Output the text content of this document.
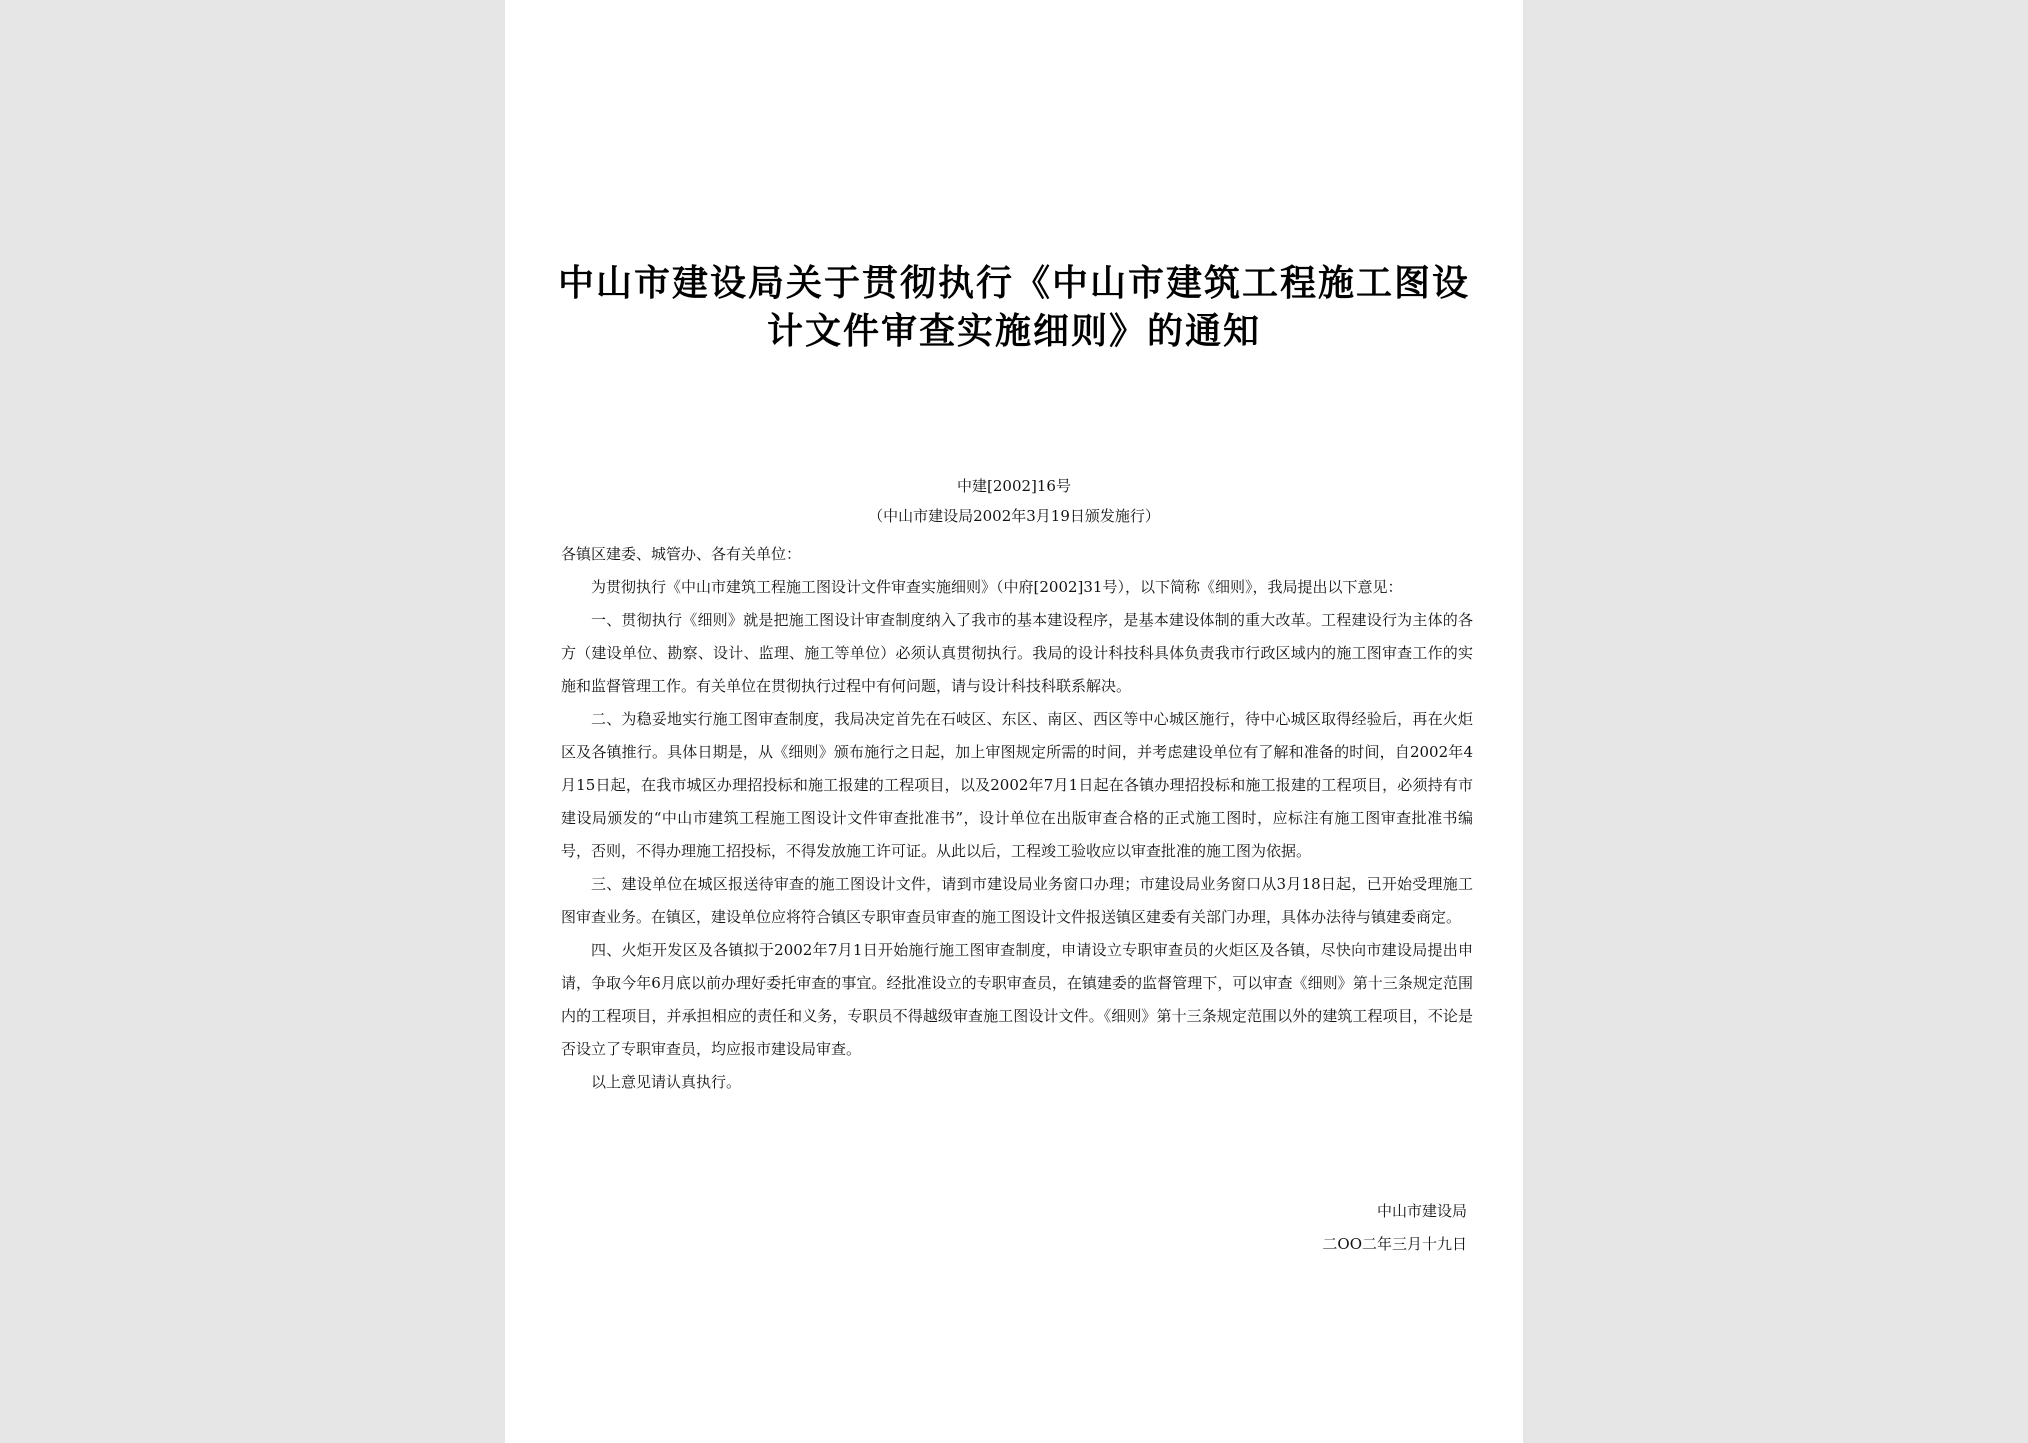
中山市建设局关于贯彻执行《中山市建筑工程施工图设
计文件审查实施细则》的通知
中建[2002]16号
（中山市建设局2002年3月19日颁发施行）

各镇区建委、城管办、各有关单位：

为贯彻执行《中山市建筑工程施工图设计文件审查实施细则》（中府[2002]31号），以下简称《细则》，我局提出以下意见：

一、贯彻执行《细则》就是把施工图设计审查制度纳入了我市的基本建设程序，是基本建设体制的重大改革。工程建设行为主体的各方（建设单位、勘察、设计、监理、施工等单位）必须认真贯彻执行。我局的设计科技科具体负责我市行政区域内的施工图审查工作的实施和监督管理工作。有关单位在贯彻执行过程中有何问题，请与设计科技科联系解决。

二、为稳妥地实行施工图审查制度，我局决定首先在石岐区、东区、南区、西区等中心城区施行，待中心城区取得经验后，再在火炬区及各镇推行。具体日期是，从《细则》颁布施行之日起，加上审图规定所需的时间，并考虑建设单位有了解和准备的时间，自2002年4月15日起，在我市城区办理招投标和施工报建的工程项目，以及2002年7月1日起在各镇办理招投标和施工报建的工程项目，必须持有市建设局颁发的“中山市建筑工程施工图设计文件审查批准书”，设计单位在出版审查合格的正式施工图时，应标注有施工图审查批准书编号，否则，不得办理施工招投标，不得发放施工许可证。从此以后，工程竣工验收应以审查批准的施工图为依据。

三、建设单位在城区报送待审查的施工图设计文件，请到市建设局业务窗口办理；市建设局业务窗口从3月18日起，已开始受理施工图审查业务。在镇区，建设单位应将符合镇区专职审查员审查的施工图设计文件报送镇区建委有关部门办理，具体办法待与镇建委商定。

四、火炬开发区及各镇拟于2002年7月1日开始施行施工图审查制度，申请设立专职审查员的火炬区及各镇，尽快向市建设局提出申请，争取今年6月底以前办理好委托审查的事宜。经批准设立的专职审查员，在镇建委的监督管理下，可以审查《细则》第十三条规定范围内的工程项目，并承担相应的责任和义务，专职员不得越级审查施工图设计文件。《细则》第十三条规定范围以外的建筑工程项目，不论是否设立了专职审查员，均应报市建设局审查。

以上意见请认真执行。

中山市建设局
二OO二年三月十九日
